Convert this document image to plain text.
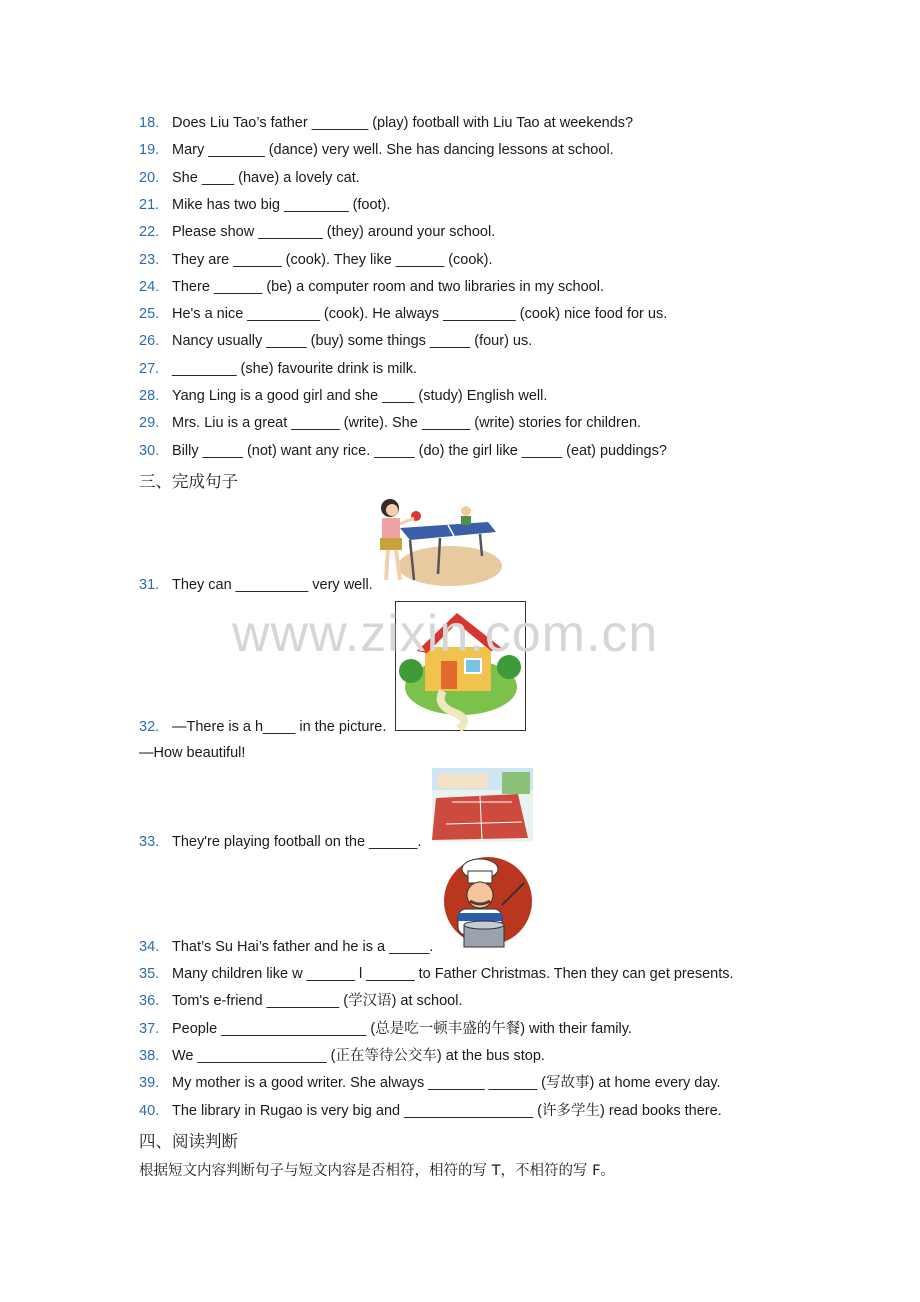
18. Does Liu Tao’s father _______ (play) football with Liu Tao at weekends?
19. Mary _______ (dance) very well. She has dancing lessons at school.
20. She ____ (have) a lovely cat.
21. Mike has two big ________ (foot).
22. Please show ________ (they) around your school.
23. They are ______ (cook). They like ______ (cook).
24. There ______ (be) a computer room and two libraries in my school.
25. He's a nice _________ (cook). He always _________ (cook) nice food for us.
26. Nancy usually _____ (buy) some things _____ (four) us.
27. ________ (she) favourite drink is milk.
28. Yang Ling is a good girl and she ____ (study) English well.
29. Mrs. Liu is a great ______ (write). She ______ (write) stories for children.
30. Billy _____ (not) want any rice. _____ (do) the girl like _____ (eat) puddings?
三、完成句子
31. They can _________ very well.
32. —There is a h____ in the picture.
—How beautiful!
www.zixin.com.cn
33. They're playing football on the ______.
34. That’s Su Hai’s father and he is a _____.
35. Many children like w ______ l ______ to Father Christmas. Then they can get presents.
36. Tom's e-friend _________ (学汉语) at school.
37. People __________________ (总是吃一顿丰盛的午餐) with their family.
38. We ________________ (正在等待公交车) at the bus stop.
39. My mother is a good writer. She always _______ ______ (写故事) at home every day.
40. The library in Rugao is very big and ________________ (许多学生) read books there.
四、阅读判断
根据短文内容判断句子与短文内容是否相符，相符的写 T，不相符的写 F。
